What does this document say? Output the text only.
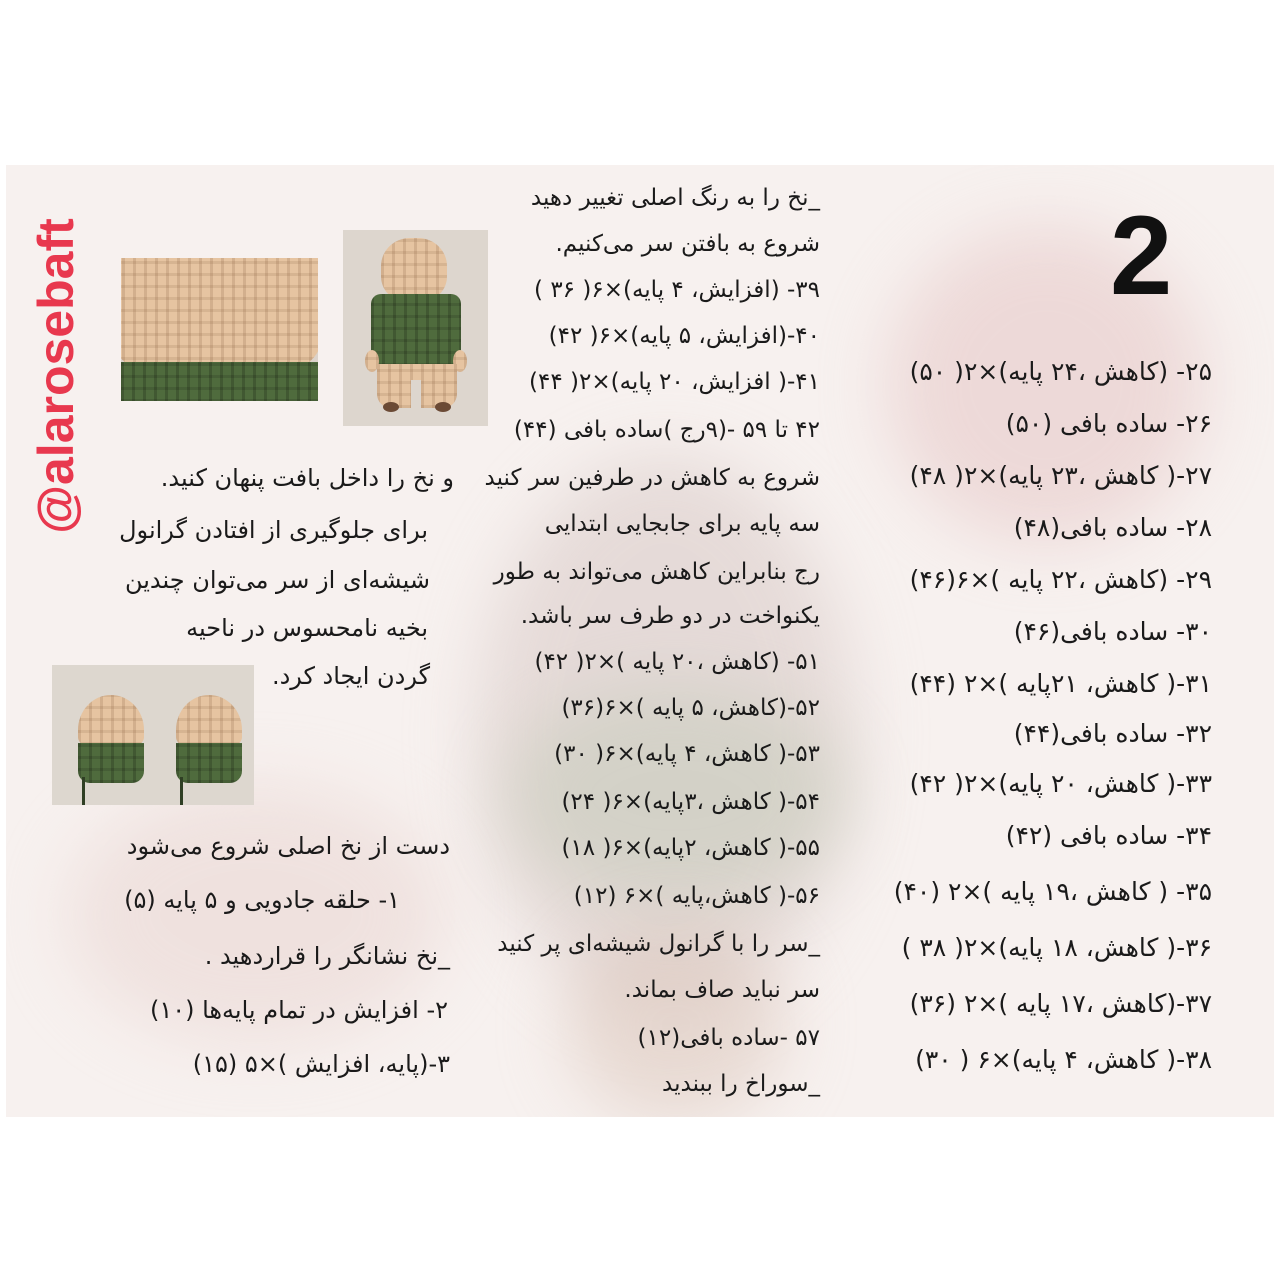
@alarosebaft	2
۲۵- (کاهش ،۲۴ پایه)×۲( ۵۰)
۲۶- ساده بافی (۵۰)
۲۷-( کاهش ،۲۳ پایه)×۲( ۴۸)
۲۸- ساده بافی(۴۸)
۲۹- (کاهش ،۲۲ پایه )×۶(۴۶)
۳۰- ساده بافی(۴۶)
۳۱-( کاهش، ۲۱پایه )×۲ (۴۴)
۳۲- ساده بافی(۴۴)
۳۳-( کاهش، ۲۰ پایه)×۲( ۴۲)
۳۴- ساده بافی (۴۲)
۳۵- ( کاهش ،۱۹ پایه )×۲ (۴۰)
۳۶-( کاهش، ۱۸ پایه)×۲( ۳۸ )
۳۷-(کاهش ،۱۷ پایه )×۲ (۳۶)
۳۸-( کاهش، ۴ پایه)×۶ ( ۳۰)
_نخ را به رنگ اصلی تغییر دهید
شروع به بافتن سر می‌کنیم.
۳۹- (افزایش، ۴ پایه)×۶( ۳۶ )
۴۰-(افزایش، ۵ پایه)×۶( ۴۲)
۴۱-( افزایش، ۲۰ پایه)×۲( ۴۴)
۴۲ تا ۵۹ -(۹رج )ساده بافی (۴۴)
شروع به کاهش در طرفین سر کنید
سه پایه برای جابجایی ابتدایی
رج بنابراین کاهش می‌تواند به طور
یکنواخت در دو طرف سر باشد.
۵۱- (کاهش ،۲۰ پایه )×۲( ۴۲)
۵۲-(کاهش، ۵ پایه )×۶(۳۶)
۵۳-( کاهش، ۴ پایه)×۶( ۳۰)
۵۴-( کاهش ،۳پایه)×۶( ۲۴)
۵۵-( کاهش، ۲پایه)×۶( ۱۸)
۵۶-( کاهش،پایه )×۶ (۱۲)
_سر را با گرانول شیشه‌ای پر کنید
سر نباید صاف بماند.
۵۷ -ساده بافی(۱۲)
_سوراخ را ببندید
و نخ را داخل بافت پنهان کنید.
برای جلوگیری از افتادن گرانول
شیشه‌ای از سر می‌توان چندین
بخیه نامحسوس در ناحیه
گردن ایجاد کرد.
دست از نخ اصلی شروع می‌شود
۱- حلقه جادویی و ۵ پایه (۵)
_نخ نشانگر را قراردهید .
۲- افزایش در تمام پایه‌ها (۱۰)
۳-(پایه، افزایش )×۵ (۱۵)
